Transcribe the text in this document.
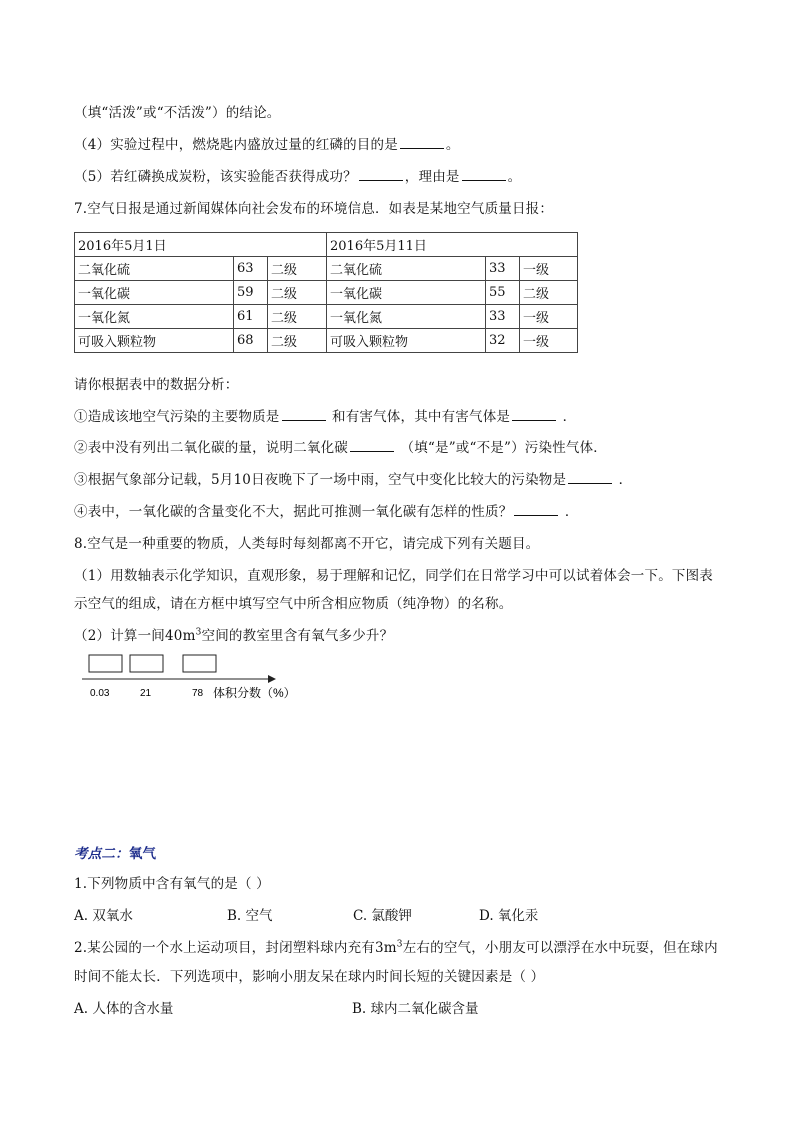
（填“活泼”或“不活泼”）的结论。
（4）实验过程中，燃烧匙内盛放过量的红磷的目的是	。
（5）若红磷换成炭粉，该实验能否获得成功？	，理由是	。
7.空气日报是通过新闻媒体向社会发布的环境信息．如表是某地空气质量日报：
2016年5月1日			2016年5月11日		
二氧化硫	63	二级	二氧化硫	33	一级
一氧化碳	59	二级	一氧化碳	55	二级
一氧化氮	61	二级	一氧化氮	33	一级
可吸入颗粒物	68	二级	可吸入颗粒物	32	一级
请你根据表中的数据分析：
①造成该地空气污染的主要物质是	和有害气体，其中有害气体是	．
②表中没有列出二氧化碳的量，说明二氧化碳	（填“是”或“不是”）污染性气体．
③根据气象部分记载，5月10日夜晚下了一场中雨，空气中变化比较大的污染物是	．
④表中，一氧化碳的含量变化不大，据此可推测一氧化碳有怎样的性质？	．
8.空气是一种重要的物质，人类每时每刻都离不开它，请完成下列有关题目。
（1）用数轴表示化学知识，直观形象，易于理解和记忆，同学们在日常学习中可以试着体会一下。下图表
示空气的组成，请在方框中填写空气中所含相应物质（纯净物）的名称。
（2）计算一间$40m^3$空间的教室里含有氧气多少升？
0.03	21	78 体积分数（%）
考点二：氧气
1.下列物质中含有氧气的是（ ）
A. 双氧水	B. 空气	C. 氯酸钾	D. 氧化汞
2.某公园的一个水上运动项目，封闭塑料球内充有$3m^3$左右的空气，小朋友可以漂浮在水中玩耍，但在球内
时间不能太长．下列选项中，影响小朋友呆在球内时间长短的关键因素是（ ）
A. 人体的含水量	B. 球内二氧化碳含量
